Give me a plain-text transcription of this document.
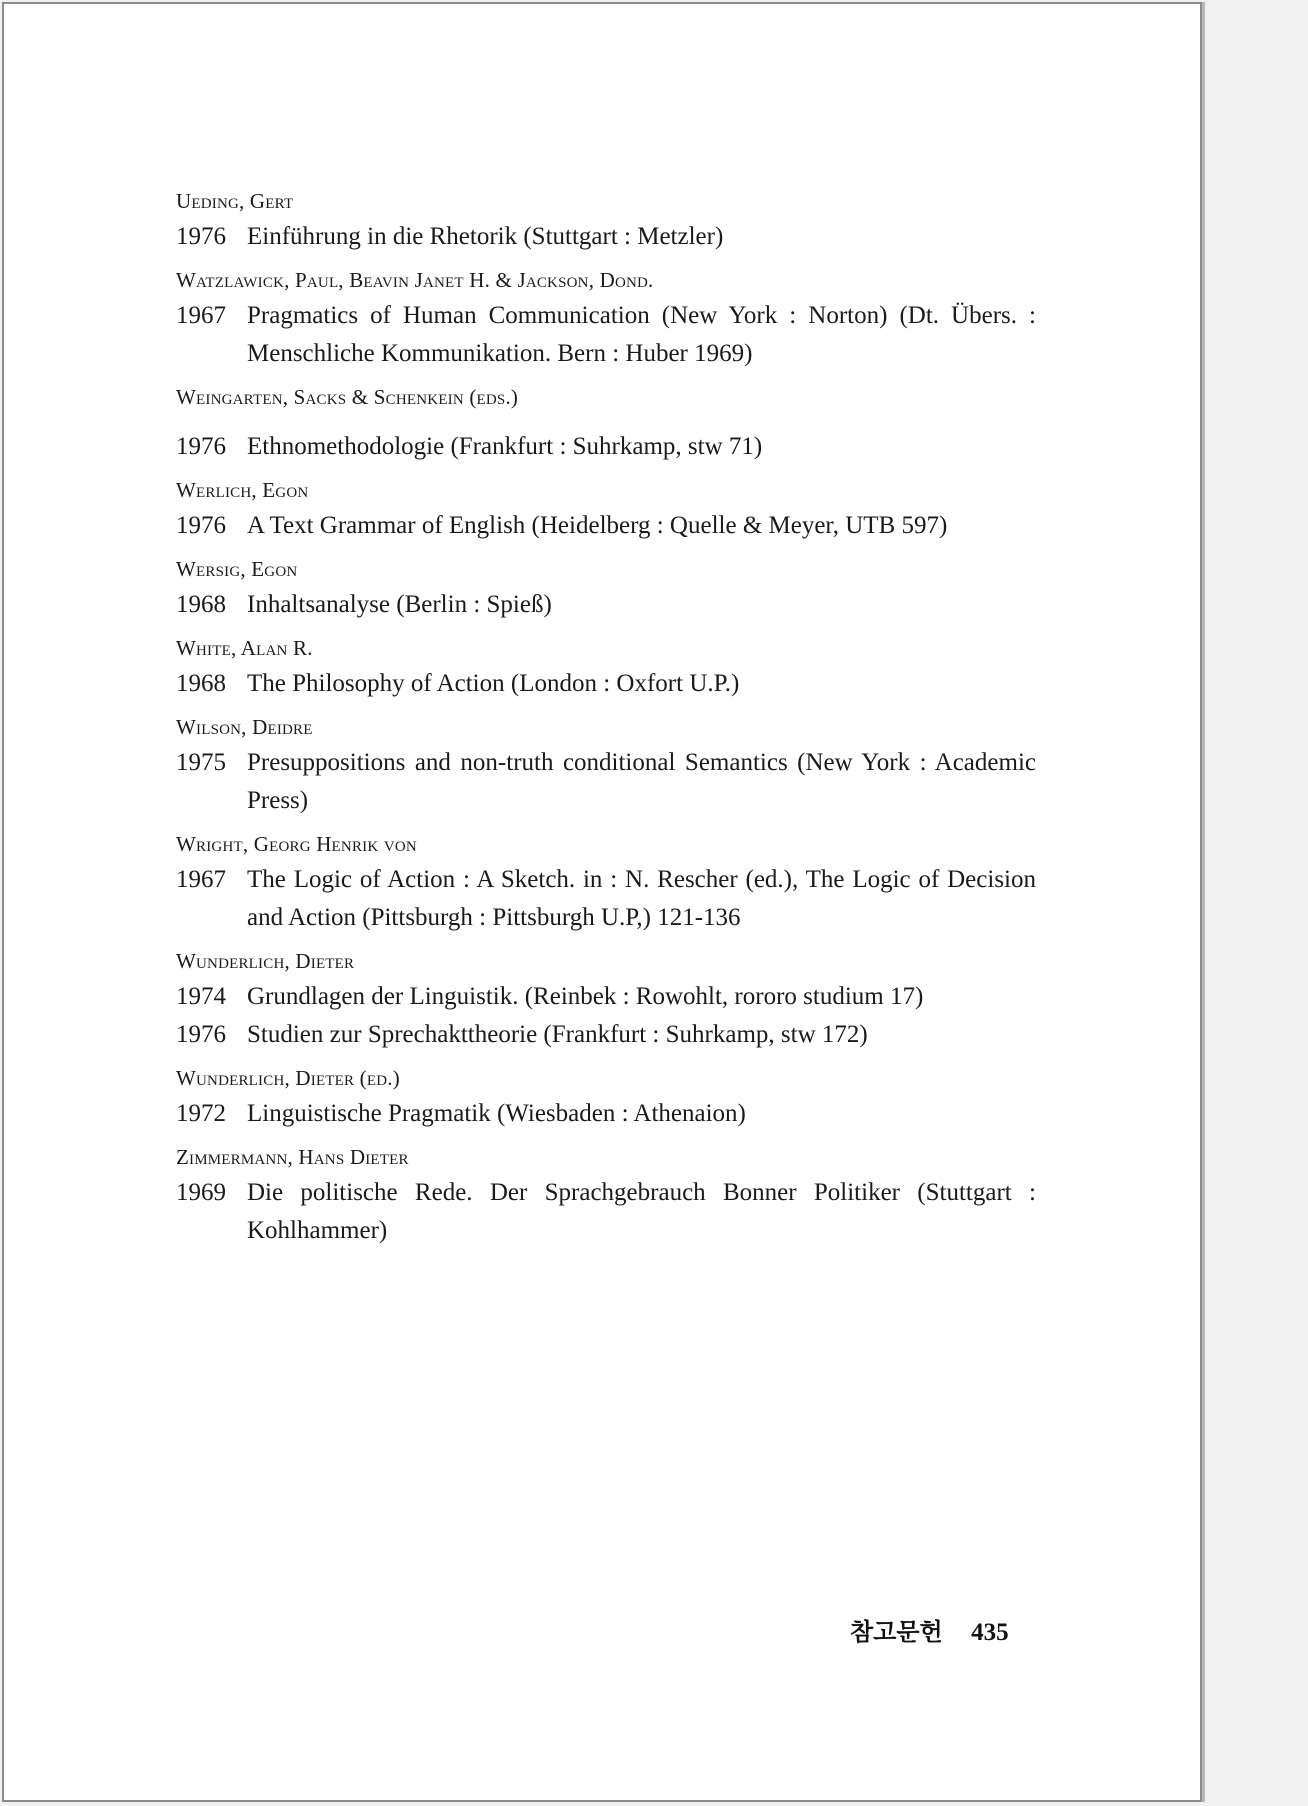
Ueding, Gert
1976 Einführung in die Rhetorik (Stuttgart : Metzler)
Watzlawick, Paul, Beavin Janet H. & Jackson, Dond.
1967 Pragmatics of Human Communication (New York : Norton) (Dt. Übers. : Menschliche Kommunikation. Bern : Huber 1969)
Weingarten, Sacks & Schenkein (eds.)
1976 Ethnomethodologie (Frankfurt : Suhrkamp, stw 71)
Werlich, Egon
1976 A Text Grammar of English (Heidelberg : Quelle & Meyer, UTB 597)
Wersig, Egon
1968 Inhaltsanalyse (Berlin : Spieß)
White, Alan R.
1968 The Philosophy of Action (London : Oxfort U.P.)
Wilson, Deidre
1975 Presuppositions and non-truth conditional Semantics (New York : Academic Press)
Wright, Georg Henrik von
1967 The Logic of Action : A Sketch. in : N. Rescher (ed.), The Logic of Decision and Action (Pittsburgh : Pittsburgh U.P,) 121-136
Wunderlich, Dieter
1974 Grundlagen der Linguistik. (Reinbek : Rowohlt, rororo studium 17)
1976 Studien zur Sprechakttheorie (Frankfurt : Suhrkamp, stw 172)
Wunderlich, Dieter (ed.)
1972 Linguistische Pragmatik (Wiesbaden : Athenaion)
Zimmermann, Hans Dieter
1969 Die politische Rede. Der Sprachgebrauch Bonner Politiker (Stuttgart : Kohlhammer)
참고문헌 435
